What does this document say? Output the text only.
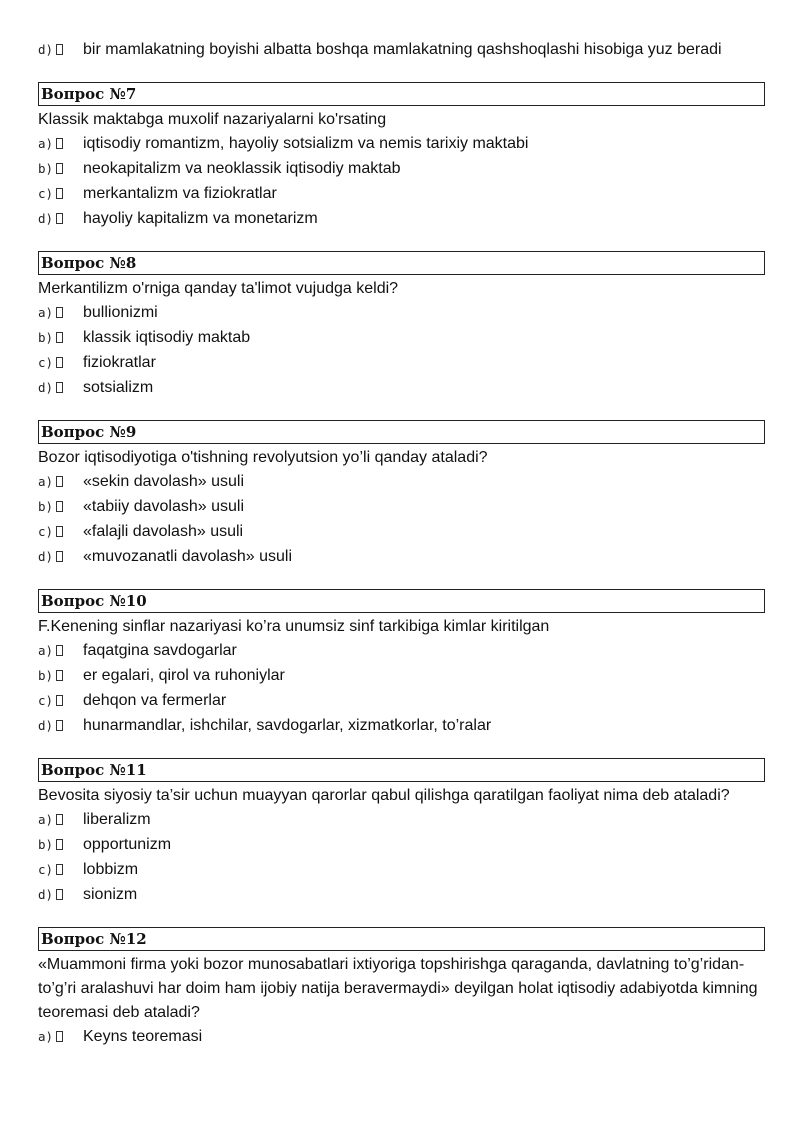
d)	bir mamlakatning boyishi albatta boshqa mamlakatning qashshoqlashi hisobiga yuz beradi
Вопрос №7

Klassik maktabga muxolif nazariyalarni ko'rsating

a)	iqtisodiy romantizm, hayoliy sotsializm va nemis tarixiy maktabi
b)	neokapitalizm va neoklassik iqtisodiy maktab
c)	merkantalizm va fiziokratlar
d)	hayoliy kapitalizm va monetarizm
Вопрос №8

Merkantilizm o'rniga qanday ta'limot vujudga keldi?

a)	bullionizmi
b)	klassik iqtisodiy maktab
c)	fiziokratlar
d)	sotsializm
Вопрос №9

Bozor iqtisodiyotiga o'tishning revolyutsion yo’li qanday ataladi?

a)	«sekin davolash» usuli
b)	«tabiiy davolash» usuli
c)	«falajli davolash» usuli
d)	«muvozanatli davolash» usuli
Вопрос №10

F.Kenening sinflar nazariyasi ko’ra unumsiz sinf tarkibiga kimlar kiritilgan

a)	faqatgina savdogarlar
b)	er egalari, qirol va ruhoniylar
c)	dehqon va fermerlar
d)	hunarmandlar, ishchilar, savdogarlar, xizmatkorlar, to’ralar
Вопрос №11

Bevosita siyosiy ta’sir uchun muayyan qarorlar qabul qilishga qaratilgan faoliyat nima deb ataladi?

a)	liberalizm
b)	opportunizm
c)	lobbizm
d)	sionizm
Вопрос №12

«Muammoni firma yoki bozor munosabatlari ixtiyoriga topshirishga qaraganda, davlatning to’g’ridan-to’g’ri aralashuvi har doim ham ijobiy natija beravermaydi» deyilgan holat iqtisodiy adabiyotda kimning teoremasi deb ataladi?

a)	Keyns teoremasi
